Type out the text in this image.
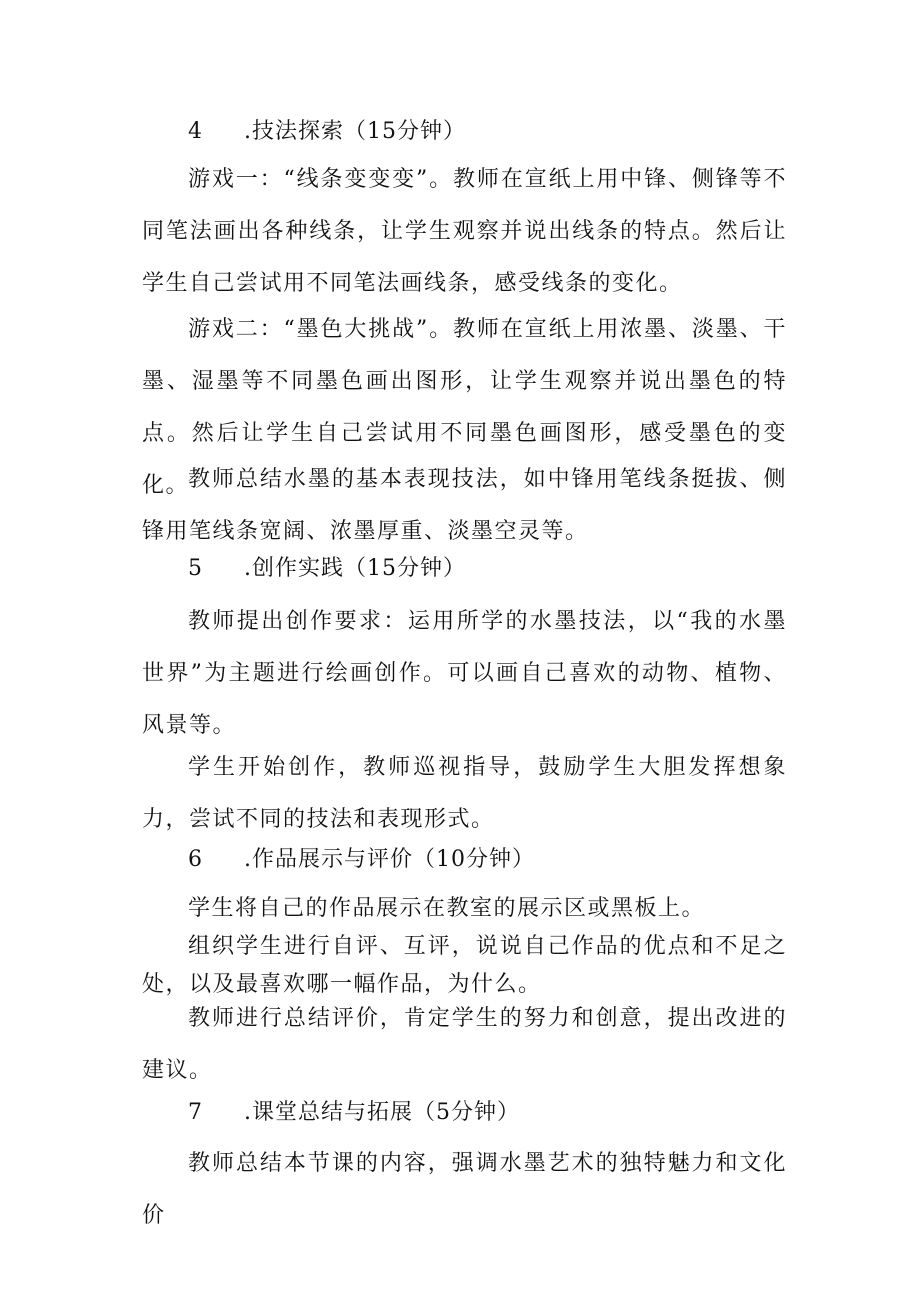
4 .技法探索（15分钟）

游戏一：“线条变变变”。教师在宣纸上用中锋、侧锋等不同笔法画出各种线条，让学生观察并说出线条的特点。然后让学生自己尝试用不同笔法画线条，感受线条的变化。

游戏二：“墨色大挑战”。教师在宣纸上用浓墨、淡墨、干墨、湿墨等不同墨色画出图形，让学生观察并说出墨色的特点。然后让学生自己尝试用不同墨色画图形，感受墨色的变化。

教师总结水墨的基本表现技法，如中锋用笔线条挺拔、侧锋用笔线条宽阔、浓墨厚重、淡墨空灵等。

5 .创作实践（15分钟）

教师提出创作要求：运用所学的水墨技法，以“我的水墨世界”为主题进行绘画创作。可以画自己喜欢的动物、植物、风景等。

学生开始创作，教师巡视指导，鼓励学生大胆发挥想象力，尝试不同的技法和表现形式。

6 .作品展示与评价（10分钟）

学生将自己的作品展示在教室的展示区或黑板上。

组织学生进行自评、互评，说说自己作品的优点和不足之处，以及最喜欢哪一幅作品，为什么。

教师进行总结评价，肯定学生的努力和创意，提出改进的建议。

7 .课堂总结与拓展（5分钟）

教师总结本节课的内容，强调水墨艺术的独特魅力和文化价
